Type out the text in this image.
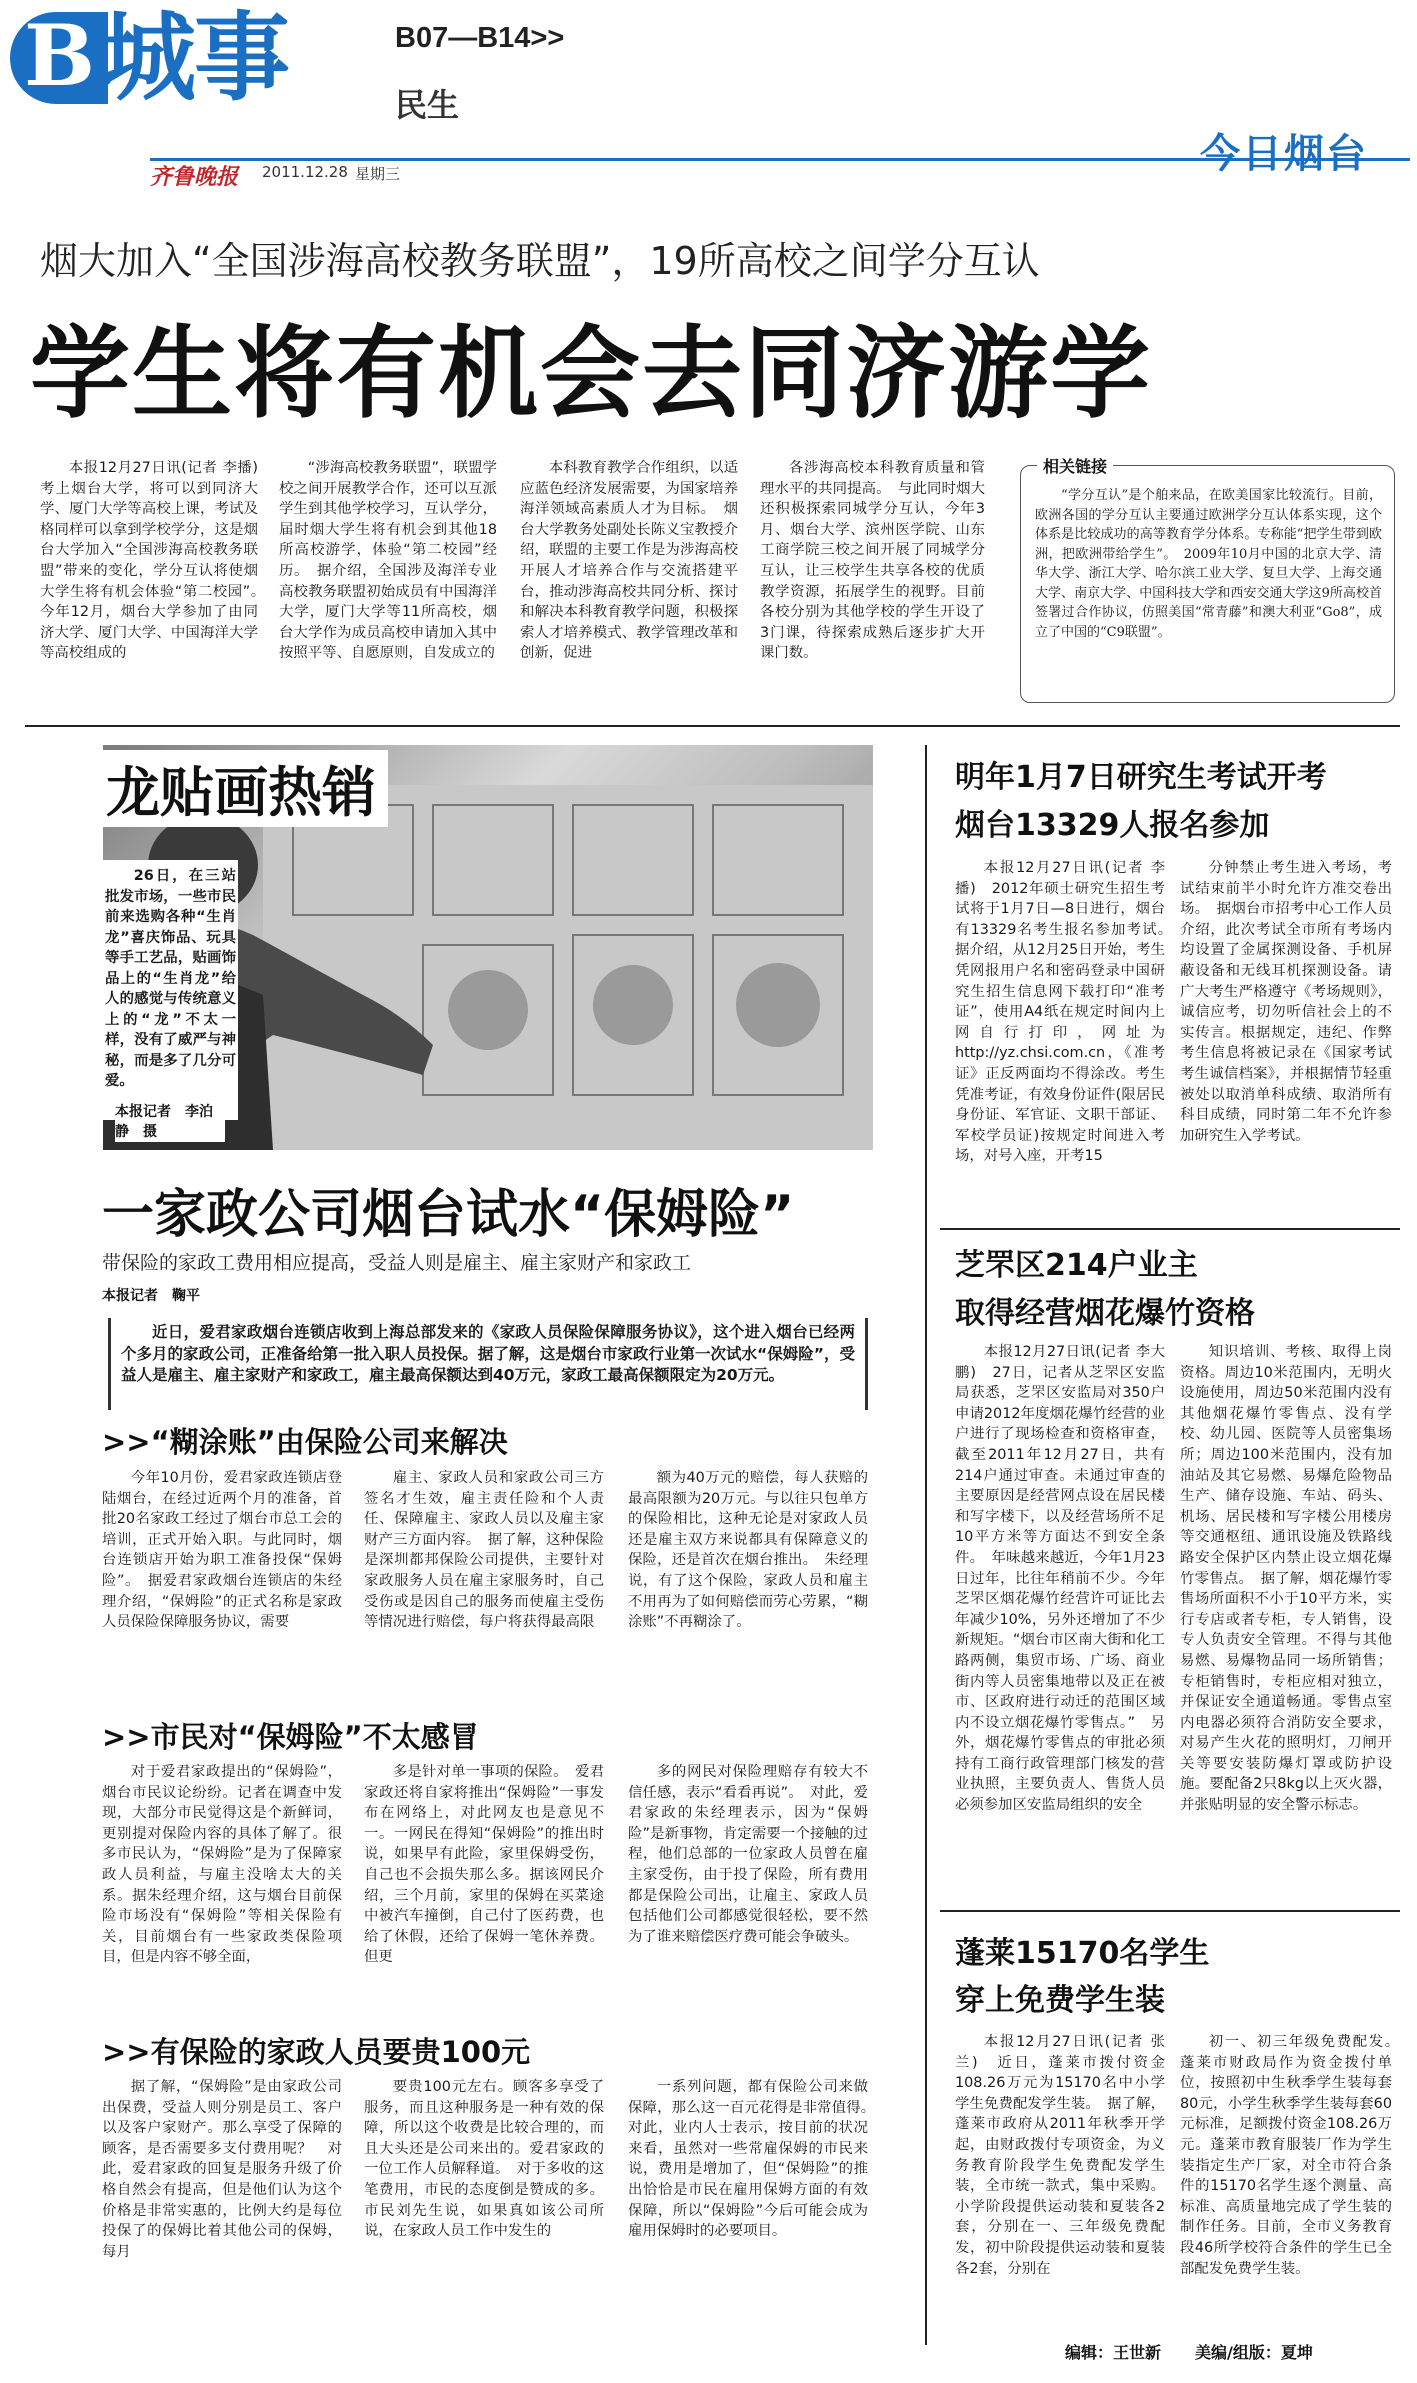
B 城事	B07—B14>>
民生
齐鲁晚报 2011.12.28 星期三	今日烟台
烟大加入“全国涉海高校教务联盟”，19所高校之间学分互认
学生将有机会去同济游学

本报12月27日讯(记者 李播)　考上烟台大学，将可以到同济大学、厦门大学等高校上课，考试及格同样可以拿到学校学分，这是烟台大学加入“全国涉海高校教务联盟”带来的变化，学分互认将使烟大学生将有机会体验“第二校园”。　今年12月，烟台大学参加了由同济大学、厦门大学、中国海洋大学等高校组成的

“涉海高校教务联盟”，联盟学校之间开展教学合作，还可以互派学生到其他学校学习，互认学分，届时烟大学生将有机会到其他18所高校游学，体验“第二校园”经历。　据介绍，全国涉及海洋专业高校教务联盟初始成员有中国海洋大学，厦门大学等11所高校，烟台大学作为成员高校申请加入其中按照平等、自愿原则，自发成立的

本科教育教学合作组织，以适应蓝色经济发展需要，为国家培养海洋领域高素质人才为目标。　烟台大学教务处副处长陈义宝教授介绍，联盟的主要工作是为涉海高校开展人才培养合作与交流搭建平台，推动涉海高校共同分析、探讨和解决本科教育教学问题，积极探索人才培养模式、教学管理改革和创新，促进

各涉海高校本科教育质量和管理水平的共同提高。　与此同时烟大还积极探索同城学分互认，今年3月、烟台大学、滨州医学院、山东工商学院三校之间开展了同城学分互认，让三校学生共享各校的优质教学资源，拓展学生的视野。目前各校分别为其他学校的学生开设了3门课，待探索成熟后逐步扩大开课门数。

相关链接

“学分互认”是个舶来品，在欧美国家比较流行。目前，欧洲各国的学分互认主要通过欧洲学分互认体系实现，这个体系是比较成功的高等教育学分体系。专称能“把学生带到欧洲，把欧洲带给学生”。　2009年10月中国的北京大学、清华大学、浙江大学、哈尔滨工业大学、复旦大学、上海交通大学、南京大学、中国科技大学和西安交通大学这9所高校首签署过合作协议，仿照美国“常青藤”和澳大利亚“Go8”，成立了中国的“C9联盟”。

龙贴画热销

26日，在三站批发市场，一些市民前来选购各种“生肖龙”喜庆饰品、玩具等手工艺品，贴画饰品上的“生肖龙”给人的感觉与传统意义上的“龙”不太一样，没有了威严与神秘，而是多了几分可爱。

本报记者　李泊静　摄
一家政公司烟台试水“保姆险”
带保险的家政工费用相应提高，受益人则是雇主、雇主家财产和家政工
本报记者　鞠平

近日，爱君家政烟台连锁店收到上海总部发来的《家政人员保险保障服务协议》，这个进入烟台已经两个多月的家政公司，正准备给第一批入职人员投保。据了解，这是烟台市家政行业第一次试水“保姆险”，受益人是雇主、雇主家财产和家政工，雇主最高保额达到40万元，家政工最高保额限定为20万元。

>>“糊涂账”由保险公司来解决

今年10月份，爱君家政连锁店登陆烟台，在经过近两个月的准备，首批20名家政工经过了烟台市总工会的培训，正式开始入职。与此同时，烟台连锁店开始为职工准备投保“保姆险”。　据爱君家政烟台连锁店的朱经理介绍，“保姆险”的正式名称是家政人员保险保障服务协议，需要

雇主、家政人员和家政公司三方签名才生效，雇主责任险和个人责任、保障雇主、家政人员以及雇主家财产三方面内容。　据了解，这种保险是深圳都邦保险公司提供，主要针对家政服务人员在雇主家服务时，自己受伤或是因自己的服务而使雇主受伤等情况进行赔偿，每户将获得最高限

额为40万元的赔偿，每人获赔的最高限额为20万元。与以往只包单方的保险相比，这种无论是对家政人员还是雇主双方来说都具有保障意义的保险，还是首次在烟台推出。　朱经理说，有了这个保险，家政人员和雇主不用再为了如何赔偿而劳心劳累，“糊涂账”不再糊涂了。

>>市民对“保姆险”不太感冒

对于爱君家政提出的“保姆险”，烟台市民议论纷纷。记者在调查中发现，大部分市民觉得这是个新鲜词，更别提对保险内容的具体了解了。很多市民认为，“保姆险”是为了保障家政人员利益，与雇主没啥太大的关系。据朱经理介绍，这与烟台目前保险市场没有“保姆险”等相关保险有关，目前烟台有一些家政类保险项目，但是内容不够全面，

多是针对单一事项的保险。　爱君家政还将自家将推出“保姆险”一事发布在网络上，对此网友也是意见不一。一网民在得知“保姆险”的推出时说，如果早有此险，家里保姆受伤，自己也不会损失那么多。据该网民介绍，三个月前，家里的保姆在买菜途中被汽车撞倒，自己付了医药费，也给了休假，还给了保姆一笔休养费。但更

多的网民对保险理赔存有较大不信任感，表示“看看再说”。　对此，爱君家政的朱经理表示，因为“保姆险”是新事物，肯定需要一个接触的过程，他们总部的一位家政人员曾在雇主家受伤，由于投了保险，所有费用都是保险公司出，让雇主、家政人员包括他们公司都感觉很轻松，要不然为了谁来赔偿医疗费可能会争破头。

>>有保险的家政人员要贵100元

据了解，“保姆险”是由家政公司出保费，受益人则分别是员工、客户以及客户家财产。那么享受了保障的顾客，是否需要多支付费用呢？　对此，爱君家政的回复是服务升级了价格自然会有提高，但是他们认为这个价格是非常实惠的，比例大约是每位投保了的保姆比着其他公司的保姆，每月

要贵100元左右。顾客多享受了服务，而且这种服务是一种有效的保障，所以这个收费是比较合理的，而且大头还是公司来出的。爱君家政的一位工作人员解释道。　对于多收的这笔费用，市民的态度倒是赞成的多。市民刘先生说，如果真如该公司所说，在家政人员工作中发生的

一系列问题，都有保险公司来做保障，那么这一百元花得是非常值得。　对此，业内人士表示，按目前的状况来看，虽然对一些常雇保姆的市民来说，费用是增加了，但“保姆险”的推出恰恰是市民在雇用保姆方面的有效保障，所以“保姆险”今后可能会成为雇用保姆时的必要项目。

明年1月7日研究生考试开考
烟台13329人报名参加

本报12月27日讯(记者 李播)　2012年硕士研究生招生考试将于1月7日—8日进行，烟台有13329名考生报名参加考试。　据介绍，从12月25日开始，考生凭网报用户名和密码登录中国研究生招生信息网下载打印“准考证”，使用A4纸在规定时间内上网自行打印，网址为http://yz.chsi.com.cn，《准考证》正反两面均不得涂改。考生凭准考证，有效身份证件(限居民身份证、军官证、文职干部证、军校学员证)按规定时间进入考场，对号入座，开考15

分钟禁止考生进入考场，考试结束前半小时允许方准交卷出场。　据烟台市招考中心工作人员介绍，此次考试全市所有考场内均设置了金属探测设备、手机屏蔽设备和无线耳机探测设备。请广大考生严格遵守《考场规则》，诚信应考，切勿听信社会上的不实传言。根据规定，违纪、作弊考生信息将被记录在《国家考试考生诚信档案》，并根据情节轻重被处以取消单科成绩、取消所有科目成绩，同时第二年不允许参加研究生入学考试。

芝罘区214户业主
取得经营烟花爆竹资格

本报12月27日讯(记者 李大鹏)　27日，记者从芝罘区安监局获悉，芝罘区安监局对350户申请2012年度烟花爆竹经营的业户进行了现场检查和资格审查，截至2011年12月27日，共有214户通过审查。未通过审查的主要原因是经营网点设在居民楼和写字楼下，以及经营场所不足10平方米等方面达不到安全条件。　年味越来越近，今年1月23日过年，比往年稍前不少。今年芝罘区烟花爆竹经营许可证比去年减少10%，另外还增加了不少新规矩。“烟台市区南大街和化工路两侧，集贸市场、广场、商业街内等人员密集地带以及正在被市、区政府进行动迁的范围区域内不设立烟花爆竹零售点。”　另外，烟花爆竹零售点的审批必须持有工商行政管理部门核发的营业执照，主要负责人、售货人员必须参加区安监局组织的安全

知识培训、考核、取得上岗资格。周边10米范围内，无明火设施使用，周边50米范围内没有其他烟花爆竹零售点、没有学校、幼儿园、医院等人员密集场所；周边100米范围内，没有加油站及其它易燃、易爆危险物品生产、储存设施、车站、码头、机场、居民楼和写字楼公用楼房等交通枢纽、通讯设施及铁路线路安全保护区内禁止设立烟花爆竹零售点。　据了解，烟花爆竹零售场所面积不小于10平方米，实行专店或者专柜，专人销售，设专人负责安全管理。不得与其他易燃、易爆物品同一场所销售；专柜销售时，专柜应相对独立，并保证安全通道畅通。零售点室内电器必须符合消防安全要求，对易产生火花的照明灯，刀闸开关等要安装防爆灯罩或防护设施。要配备2只8kg以上灭火器，并张贴明显的安全警示标志。

蓬莱15170名学生
穿上免费学生装

本报12月27日讯(记者 张兰)　近日，蓬莱市拨付资金108.26万元为15170名中小学学生免费配发学生装。　据了解，蓬莱市政府从2011年秋季开学起，由财政拨付专项资金，为义务教育阶段学生免费配发学生装，全市统一款式，集中采购。小学阶段提供运动装和夏装各2套，分别在一、三年级免费配发，初中阶段提供运动装和夏装各2套，分别在

初一、初三年级免费配发。　蓬莱市财政局作为资金拨付单位，按照初中生秋季学生装每套80元，小学生秋季学生装每套60元标准，足额拨付资金108.26万元。蓬莱市教育服装厂作为学生装指定生产厂家，对全市符合条件的15170名学生逐个测量、高标准、高质量地完成了学生装的制作任务。目前，全市义务教育段46所学校符合条件的学生已全部配发免费学生装。

编辑：王世新 美编/组版：夏坤
